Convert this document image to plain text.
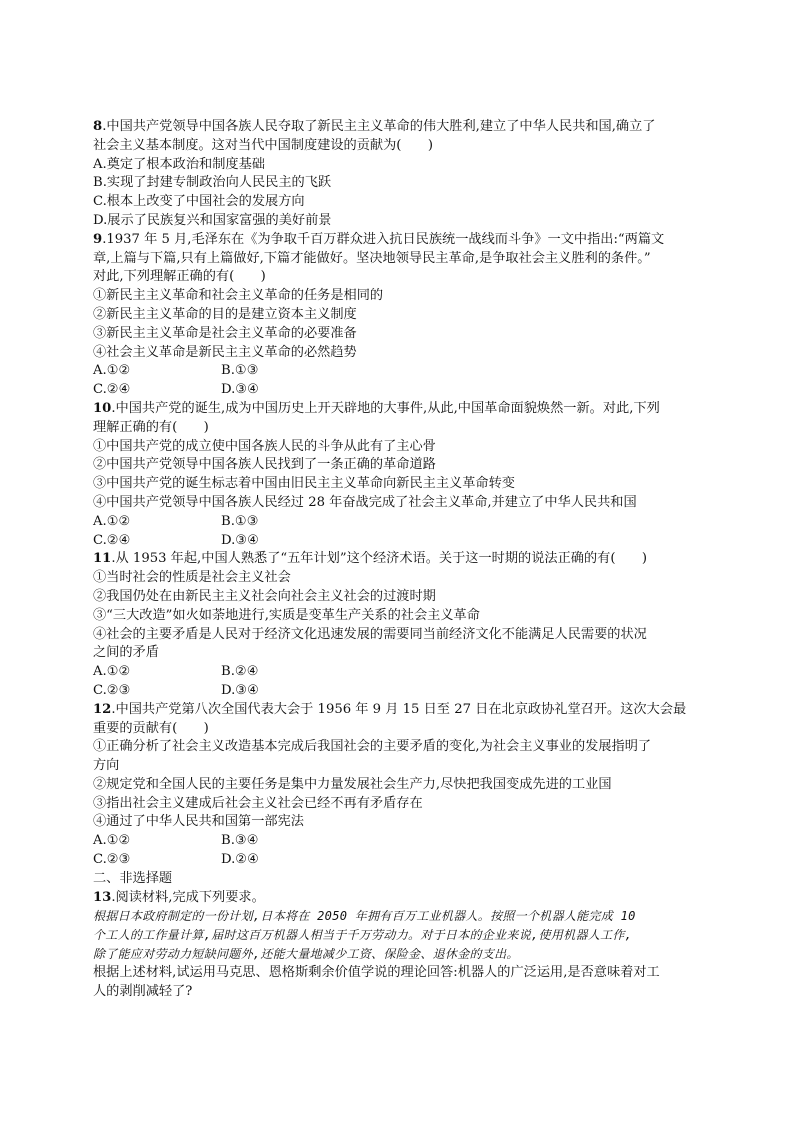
8.中国共产党领导中国各族人民夺取了新民主主义革命的伟大胜利,建立了中华人民共和国,确立了
社会主义基本制度。这对当代中国制度建设的贡献为(　　)
A.奠定了根本政治和制度基础
B.实现了封建专制政治向人民民主的飞跃
C.根本上改变了中国社会的发展方向
D.展示了民族复兴和国家富强的美好前景
9.1937 年 5 月,毛泽东在《为争取千百万群众进入抗日民族统一战线而斗争》一文中指出:“两篇文
章,上篇与下篇,只有上篇做好,下篇才能做好。坚决地领导民主革命,是争取社会主义胜利的条件。”
对此,下列理解正确的有(　　)
①新民主主义革命和社会主义革命的任务是相同的
②新民主主义革命的目的是建立资本主义制度
③新民主主义革命是社会主义革命的必要准备
④社会主义革命是新民主主义革命的必然趋势
A.①②	B.①③
C.②④	D.③④
10.中国共产党的诞生,成为中国历史上开天辟地的大事件,从此,中国革命面貌焕然一新。对此,下列
理解正确的有(　　)
①中国共产党的成立使中国各族人民的斗争从此有了主心骨
②中国共产党领导中国各族人民找到了一条正确的革命道路
③中国共产党的诞生标志着中国由旧民主主义革命向新民主主义革命转变
④中国共产党领导中国各族人民经过 28 年奋战完成了社会主义革命,并建立了中华人民共和国
A.①②	B.①③
C.②④	D.③④
11.从 1953 年起,中国人熟悉了“五年计划”这个经济术语。关于这一时期的说法正确的有(　　)
①当时社会的性质是社会主义社会
②我国仍处在由新民主主义社会向社会主义社会的过渡时期
③“三大改造”如火如荼地进行,实质是变革生产关系的社会主义革命
④社会的主要矛盾是人民对于经济文化迅速发展的需要同当前经济文化不能满足人民需要的状况
之间的矛盾
A.①②	B.②④
C.②③	D.③④
12.中国共产党第八次全国代表大会于 1956 年 9 月 15 日至 27 日在北京政协礼堂召开。这次大会最
重要的贡献有(　　)
①正确分析了社会主义改造基本完成后我国社会的主要矛盾的变化,为社会主义事业的发展指明了
方向
②规定党和全国人民的主要任务是集中力量发展社会生产力,尽快把我国变成先进的工业国
③指出社会主义建成后社会主义社会已经不再有矛盾存在
④通过了中华人民共和国第一部宪法
A.①②	B.③④
C.②③	D.②④
二、非选择题
13.阅读材料,完成下列要求。
根据日本政府制定的一份计划,日本将在 2050 年拥有百万工业机器人。按照一个机器人能完成 10
个工人的工作量计算,届时这百万机器人相当于千万劳动力。对于日本的企业来说,使用机器人工作,
除了能应对劳动力短缺问题外,还能大量地减少工资、保险金、退休金的支出。
根据上述材料,试运用马克思、恩格斯剩余价值学说的理论回答:机器人的广泛运用,是否意味着对工
人的剥削减轻了?
